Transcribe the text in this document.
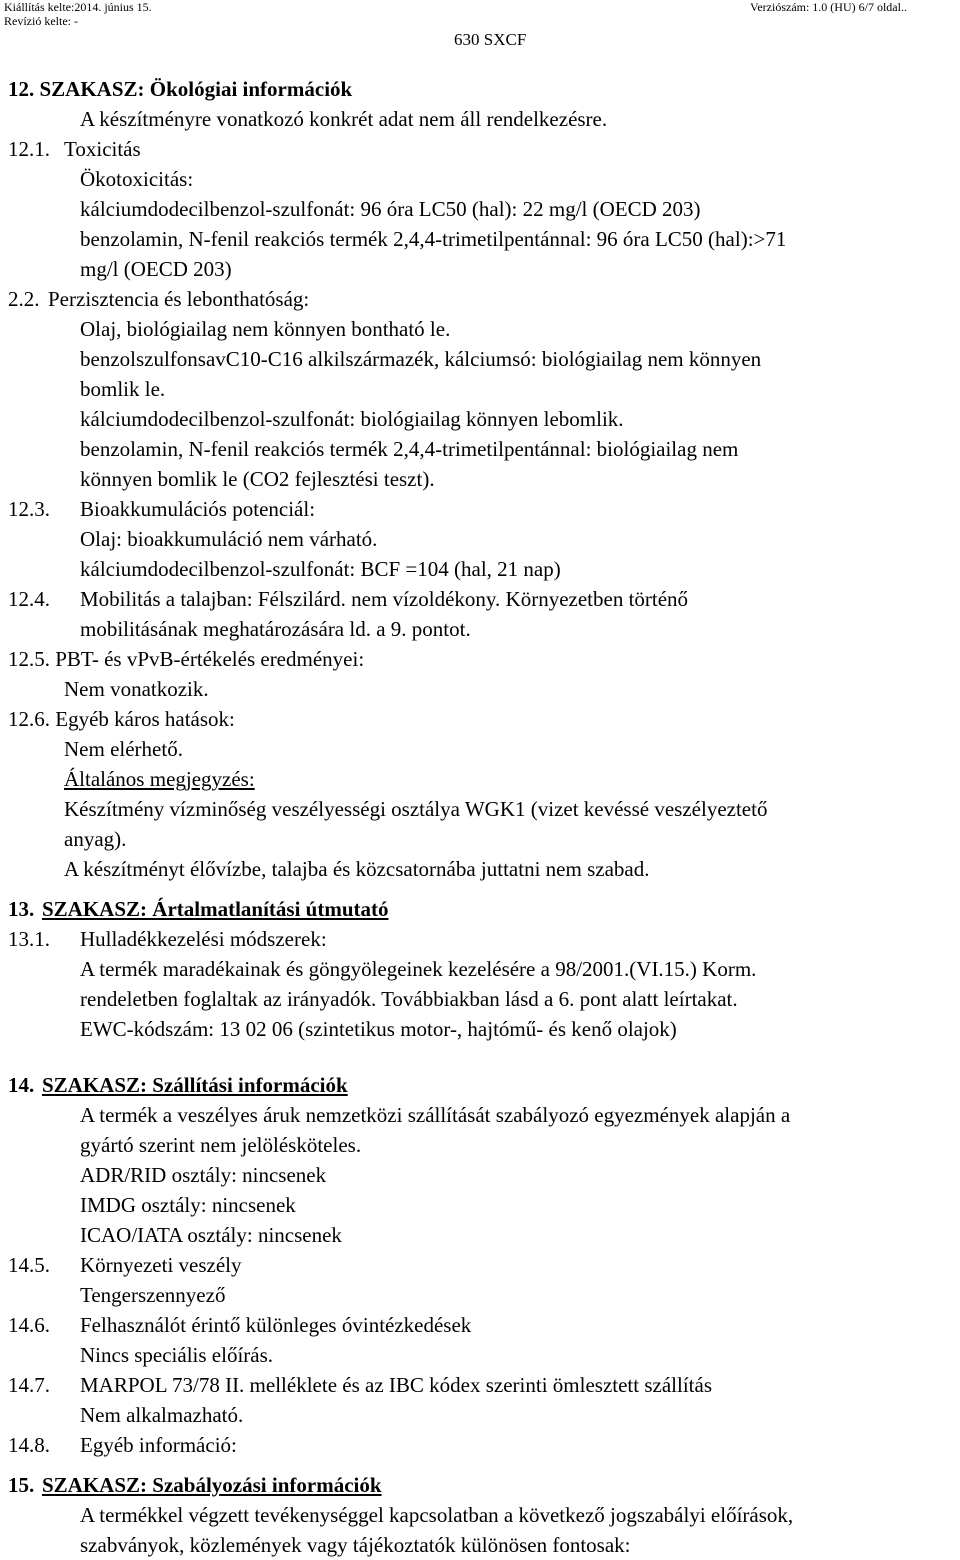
Kiállítás kelte:2014. június 15.
Revízió kelte: -
Verziószám: 1.0 (HU) 6/7 oldal..
630 SXCF
12. SZAKASZ: Ökológiai információk
A készítményre vonatkozó konkrét adat nem áll rendelkezésre.
12.1. Toxicitás
Ökotoxicitás:
kálciumdodecilbenzol-szulfonát: 96 óra LC50 (hal): 22 mg/l (OECD 203)
benzolamin, N-fenil reakciós termék 2,4,4-trimetilpentánnal: 96 óra LC50 (hal):>71
mg/l (OECD 203)
2.2. Perzisztencia és lebonthatóság:
Olaj, biológiailag nem könnyen bontható le.
benzolszulfonsavC10-C16 alkilszármazék, kálciumsó: biológiailag nem könnyen
bomlik le.
kálciumdodecilbenzol-szulfonát: biológiailag könnyen lebomlik.
benzolamin, N-fenil reakciós termék 2,4,4-trimetilpentánnal: biológiailag nem
könnyen bomlik le (CO2 fejlesztési teszt).
12.3. Bioakkumulációs potenciál:
Olaj: bioakkumuláció nem várható.
kálciumdodecilbenzol-szulfonát: BCF =104 (hal, 21 nap)
12.4. Mobilitás a talajban: Félszilárd. nem vízoldékony. Környezetben történő
mobilitásának meghatározására ld. a 9. pontot.
12.5. PBT- és vPvB-értékelés eredményei:
Nem vonatkozik.
12.6. Egyéb káros hatások:
Nem elérhető.
Általános megjegyzés:
Készítmény vízminőség veszélyességi osztálya WGK1 (vizet kevéssé veszélyeztető
anyag).
A készítményt élővízbe, talajba és közcsatornába juttatni nem szabad.
13. SZAKASZ: Ártalmatlanítási útmutató
13.1. Hulladékkezelési módszerek:
A termék maradékainak és göngyölegeinek kezelésére a 98/2001.(VI.15.) Korm.
rendeletben foglaltak az irányadók. Továbbiakban lásd a 6. pont alatt leírtakat.
EWC-kódszám: 13 02 06 (szintetikus motor-, hajtómű- és kenő olajok)
14. SZAKASZ: Szállítási információk
A termék a veszélyes áruk nemzetközi szállítását szabályozó egyezmények alapján a
gyártó szerint nem jelölésköteles.
ADR/RID osztály: nincsenek
IMDG osztály: nincsenek
ICAO/IATA osztály: nincsenek
14.5. Környezeti veszély
Tengerszennyező
14.6. Felhasználót érintő különleges óvintézkedések
Nincs speciális előírás.
14.7. MARPOL 73/78 II. melléklete és az IBC kódex szerinti ömlesztett szállítás
Nem alkalmazható.
14.8. Egyéb információ:
15. SZAKASZ: Szabályozási információk
A termékkel végzett tevékenységgel kapcsolatban a következő jogszabályi előírások,
szabványok, közlemények vagy tájékoztatók különösen fontosak:
